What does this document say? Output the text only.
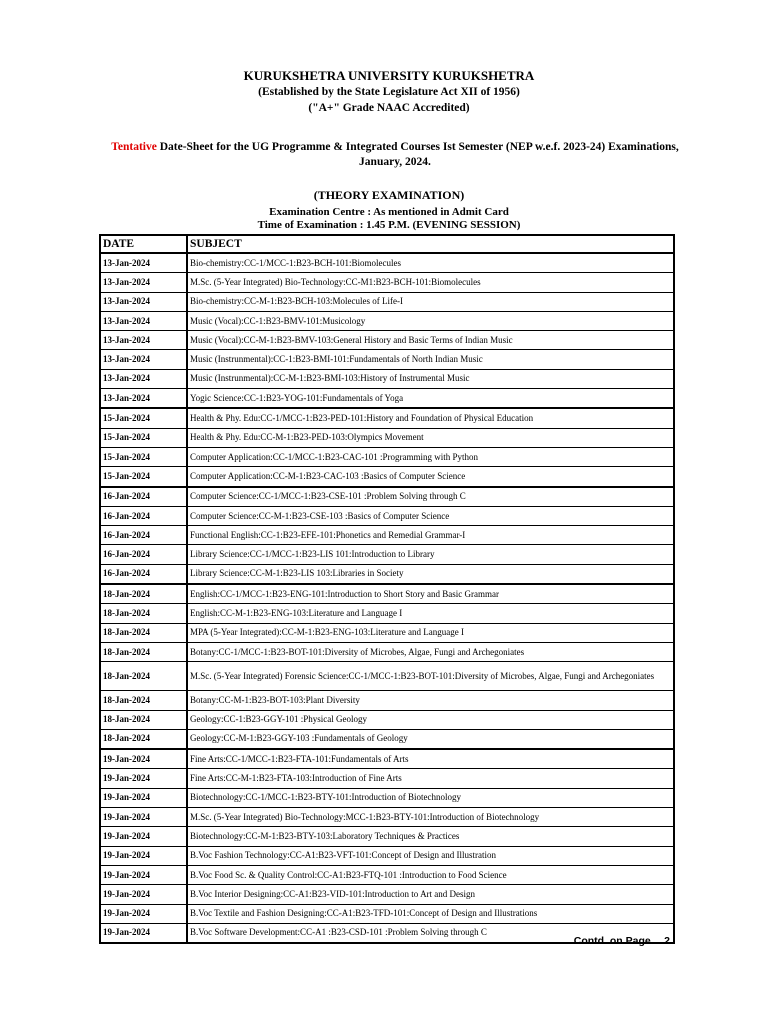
KURUKSHETRA UNIVERSITY KURUKSHETRA
(Established by the State Legislature Act XII of 1956)
("A+" Grade NAAC Accredited)
Tentative Date-Sheet for the UG Programme & Integrated Courses Ist Semester (NEP w.e.f. 2023-24) Examinations, January, 2024.
(THEORY EXAMINATION)
Examination Centre : As mentioned in Admit Card
Time of Examination : 1.45 P.M. (EVENING SESSION)
DATE	SUBJECT
13-Jan-2024	Bio-chemistry:CC-1/MCC-1:B23-BCH-101:Biomolecules
13-Jan-2024	M.Sc. (5-Year Integrated) Bio-Technology:CC-M1:B23-BCH-101:Biomolecules
13-Jan-2024	Bio-chemistry:CC-M-1:B23-BCH-103:Molecules of Life-I
13-Jan-2024	Music (Vocal):CC-1:B23-BMV-101:Musicology
13-Jan-2024	Music (Vocal):CC-M-1:B23-BMV-103:General History and Basic Terms of Indian Music
13-Jan-2024	Music (Instrunmental):CC-1:B23-BMI-101:Fundamentals of North Indian Music
13-Jan-2024	Music (Instrunmental):CC-M-1:B23-BMI-103:History of Instrumental Music
13-Jan-2024	Yogic Science:CC-1:B23-YOG-101:Fundamentals of Yoga
15-Jan-2024	Health & Phy. Edu:CC-1/MCC-1:B23-PED-101:History and Foundation of Physical Education
15-Jan-2024	Health & Phy. Edu:CC-M-1:B23-PED-103:Olympics Movement
15-Jan-2024	Computer Application:CC-1/MCC-1:B23-CAC-101 :Programming with Python
15-Jan-2024	Computer Application:CC-M-1:B23-CAC-103 :Basics of Computer Science
16-Jan-2024	Computer Science:CC-1/MCC-1:B23-CSE-101 :Problem Solving through C
16-Jan-2024	Computer Science:CC-M-1:B23-CSE-103 :Basics of Computer Science
16-Jan-2024	Functional English:CC-1:B23-EFE-101:Phonetics and Remedial Grammar-I
16-Jan-2024	Library Science:CC-1/MCC-1:B23-LIS 101:Introduction to Library
16-Jan-2024	Library Science:CC-M-1:B23-LIS 103:Libraries in Society
18-Jan-2024	English:CC-1/MCC-1:B23-ENG-101:Introduction to Short Story and Basic Grammar
18-Jan-2024	English:CC-M-1:B23-ENG-103:Literature and Language I
18-Jan-2024	MPA (5-Year Integrated):CC-M-1:B23-ENG-103:Literature and Language I
18-Jan-2024	Botany:CC-1/MCC-1:B23-BOT-101:Diversity of Microbes, Algae, Fungi and Archegoniates
18-Jan-2024	M.Sc. (5-Year Integrated) Forensic Science:CC-1/MCC-1:B23-BOT-101:Diversity of Microbes, Algae, Fungi and Archegoniates
18-Jan-2024	Botany:CC-M-1:B23-BOT-103:Plant Diversity
18-Jan-2024	Geology:CC-1:B23-GGY-101 :Physical Geology
18-Jan-2024	Geology:CC-M-1:B23-GGY-103 :Fundamentals of Geology
19-Jan-2024	Fine Arts:CC-1/MCC-1:B23-FTA-101:Fundamentals of Arts
19-Jan-2024	Fine Arts:CC-M-1:B23-FTA-103:Introduction of Fine Arts
19-Jan-2024	Biotechnology:CC-1/MCC-1:B23-BTY-101:Introduction of Biotechnology
19-Jan-2024	M.Sc. (5-Year Integrated) Bio-Technology:MCC-1:B23-BTY-101:Introduction of Biotechnology
19-Jan-2024	Biotechnology:CC-M-1:B23-BTY-103:Laboratory Techniques & Practices
19-Jan-2024	B.Voc Fashion Technology:CC-A1:B23-VFT-101:Concept of Design and Illustration
19-Jan-2024	B.Voc Food Sc. & Quality Control:CC-A1:B23-FTQ-101 :Introduction to Food Science
19-Jan-2024	B.Voc Interior Designing:CC-A1:B23-VID-101:Introduction to Art and Design
19-Jan-2024	B.Voc Textile and Fashion Designing:CC-A1:B23-TFD-101:Concept of Design and Illustrations
19-Jan-2024	B.Voc Software Development:CC-A1 :B23-CSD-101 :Problem Solving through C
Contd. on Page….2
